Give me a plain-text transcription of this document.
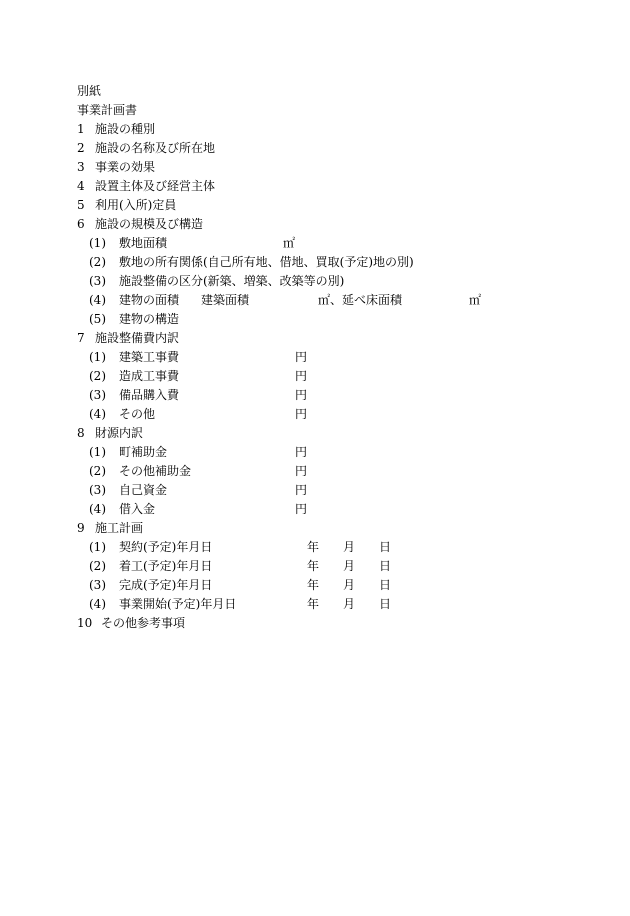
別紙
事業計画書
1 施設の種別
2 施設の名称及び所在地
3 事業の効果
4 設置主体及び経営主体
5 利用(入所)定員
6 施設の規模及び構造
(1) 敷地面積	㎡
(2) 敷地の所有関係(自己所有地、借地、買取(予定)地の別)
(3) 施設整備の区分(新築、増築、改築等の別)
(4) 建物の面積 建築面積	㎡、延べ床面積	㎡
(5) 建物の構造
7 施設整備費内訳
(1) 建築工事費	円
(2) 造成工事費	円
(3) 備品購入費	円
(4) その他	円
8 財源内訳
(1) 町補助金	円
(2) その他補助金	円
(3) 自己資金	円
(4) 借入金	円
9 施工計画
(1) 契約(予定)年月日	年 月 日
(2) 着工(予定)年月日	年 月 日
(3) 完成(予定)年月日	年 月 日
(4) 事業開始(予定)年月日	年 月 日
10 その他参考事項
